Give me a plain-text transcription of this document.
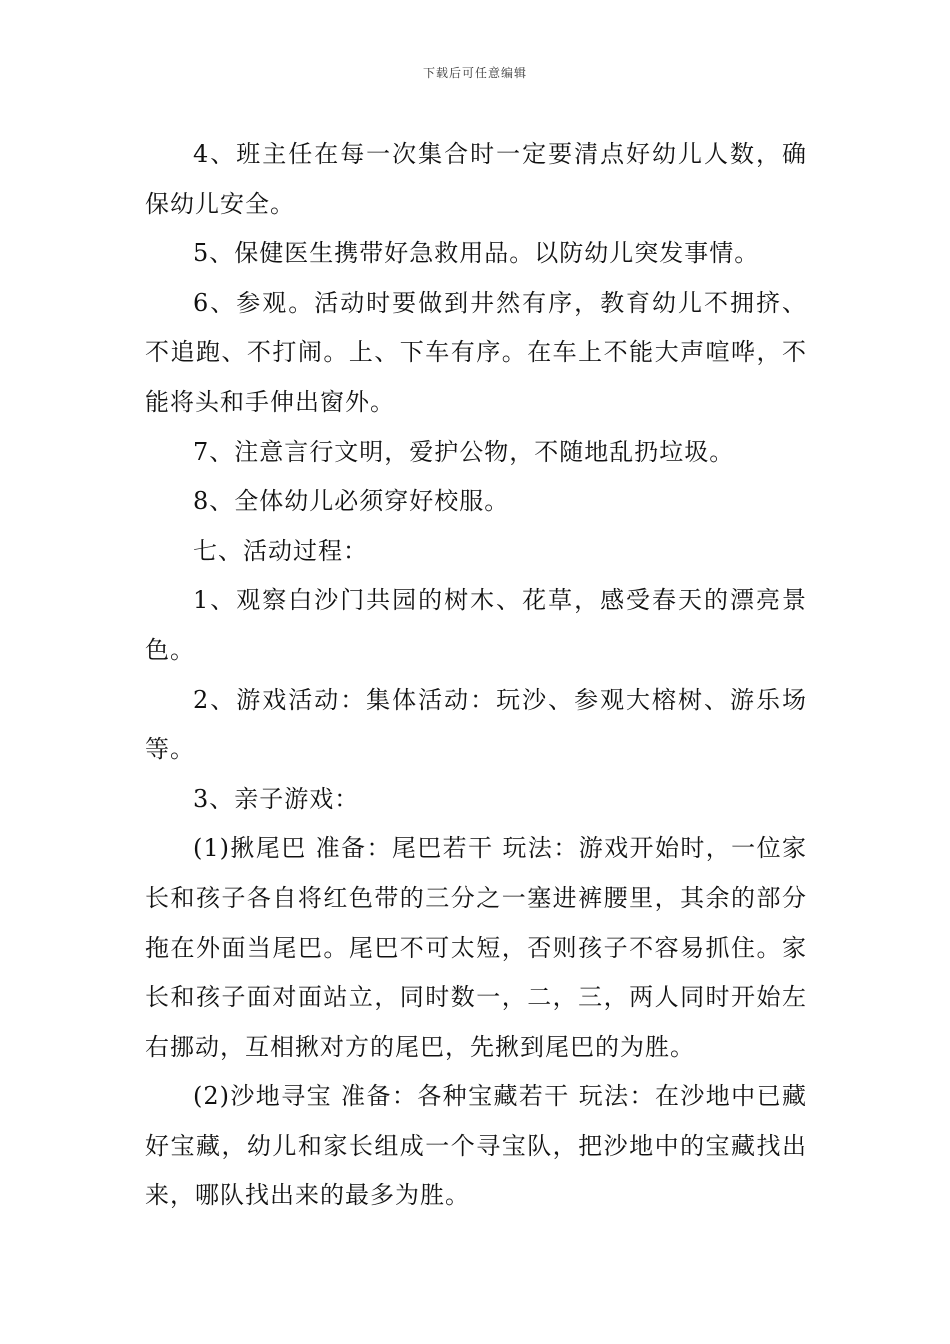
下载后可任意编辑

4、班主任在每一次集合时一定要清点好幼儿人数，确保幼儿安全。

5、保健医生携带好急救用品。以防幼儿突发事情。

6、参观。活动时要做到井然有序，教育幼儿不拥挤、不追跑、不打闹。上、下车有序。在车上不能大声喧哗，不能将头和手伸出窗外。

7、注意言行文明，爱护公物，不随地乱扔垃圾。

8、全体幼儿必须穿好校服。

七、活动过程：

1、观察白沙门共园的树木、花草，感受春天的漂亮景色。

2、游戏活动：集体活动：玩沙、参观大榕树、游乐场等。

3、亲子游戏：

(1)揪尾巴 准备：尾巴若干 玩法：游戏开始时，一位家长和孩子各自将红色带的三分之一塞进裤腰里，其余的部分拖在外面当尾巴。尾巴不可太短，否则孩子不容易抓住。家长和孩子面对面站立，同时数一，二，三，两人同时开始左右挪动，互相揪对方的尾巴，先揪到尾巴的为胜。

(2)沙地寻宝 准备：各种宝藏若干 玩法：在沙地中已藏好宝藏，幼儿和家长组成一个寻宝队，把沙地中的宝藏找出来，哪队找出来的最多为胜。
